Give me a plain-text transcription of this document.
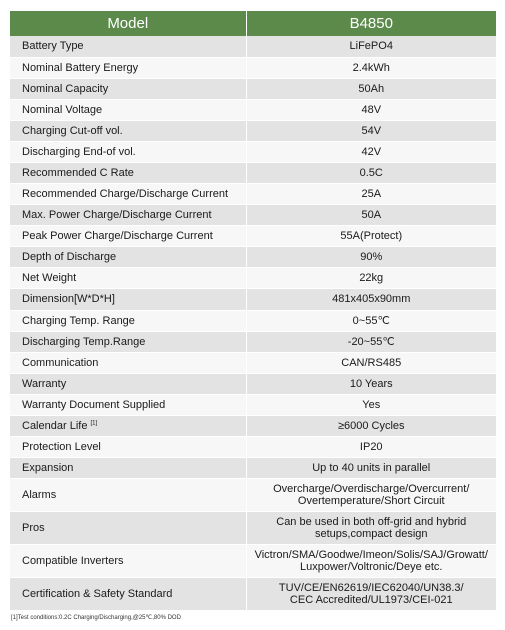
Model	B4850
Battery Type	LiFePO4
Nominal Battery Energy	2.4kWh
Nominal Capacity	50Ah
Nominal Voltage	48V
Charging Cut-off vol.	54V
Discharging End-of vol.	42V
Recommended C Rate	0.5C
Recommended Charge/Discharge Current	25A
Max. Power Charge/Discharge Current	50A
Peak Power Charge/Discharge Current	55A(Protect)
Depth of Discharge	90%
Net Weight	22kg
Dimension[W*D*H]	481x405x90mm
Charging Temp. Range	0~55℃
Discharging Temp.Range	-20~55℃
Communication	CAN/RS485
Warranty	10 Years
Warranty Document Supplied	Yes
Calendar Life [1]	≥6000 Cycles
Protection Level	IP20
Expansion	Up to 40 units in parallel
Alarms	Overcharge/Overdischarge/Overcurrent/
Overtemperature/Short Circuit

Pros	Can be used in both off-grid and hybrid
setups,compact design

Compatible Inverters	Victron/SMA/Goodwe/Imeon/Solis/SAJ/Growatt/
Luxpower/Voltronic/Deye etc.

Certification & Safety Standard	TUV/CE/EN62619/IEC62040/UN38.3/
CEC Accredited/UL1973/CEI-021
[1]Test conditions:0.2C Charging/Discharging,@25℃,80% DOD
